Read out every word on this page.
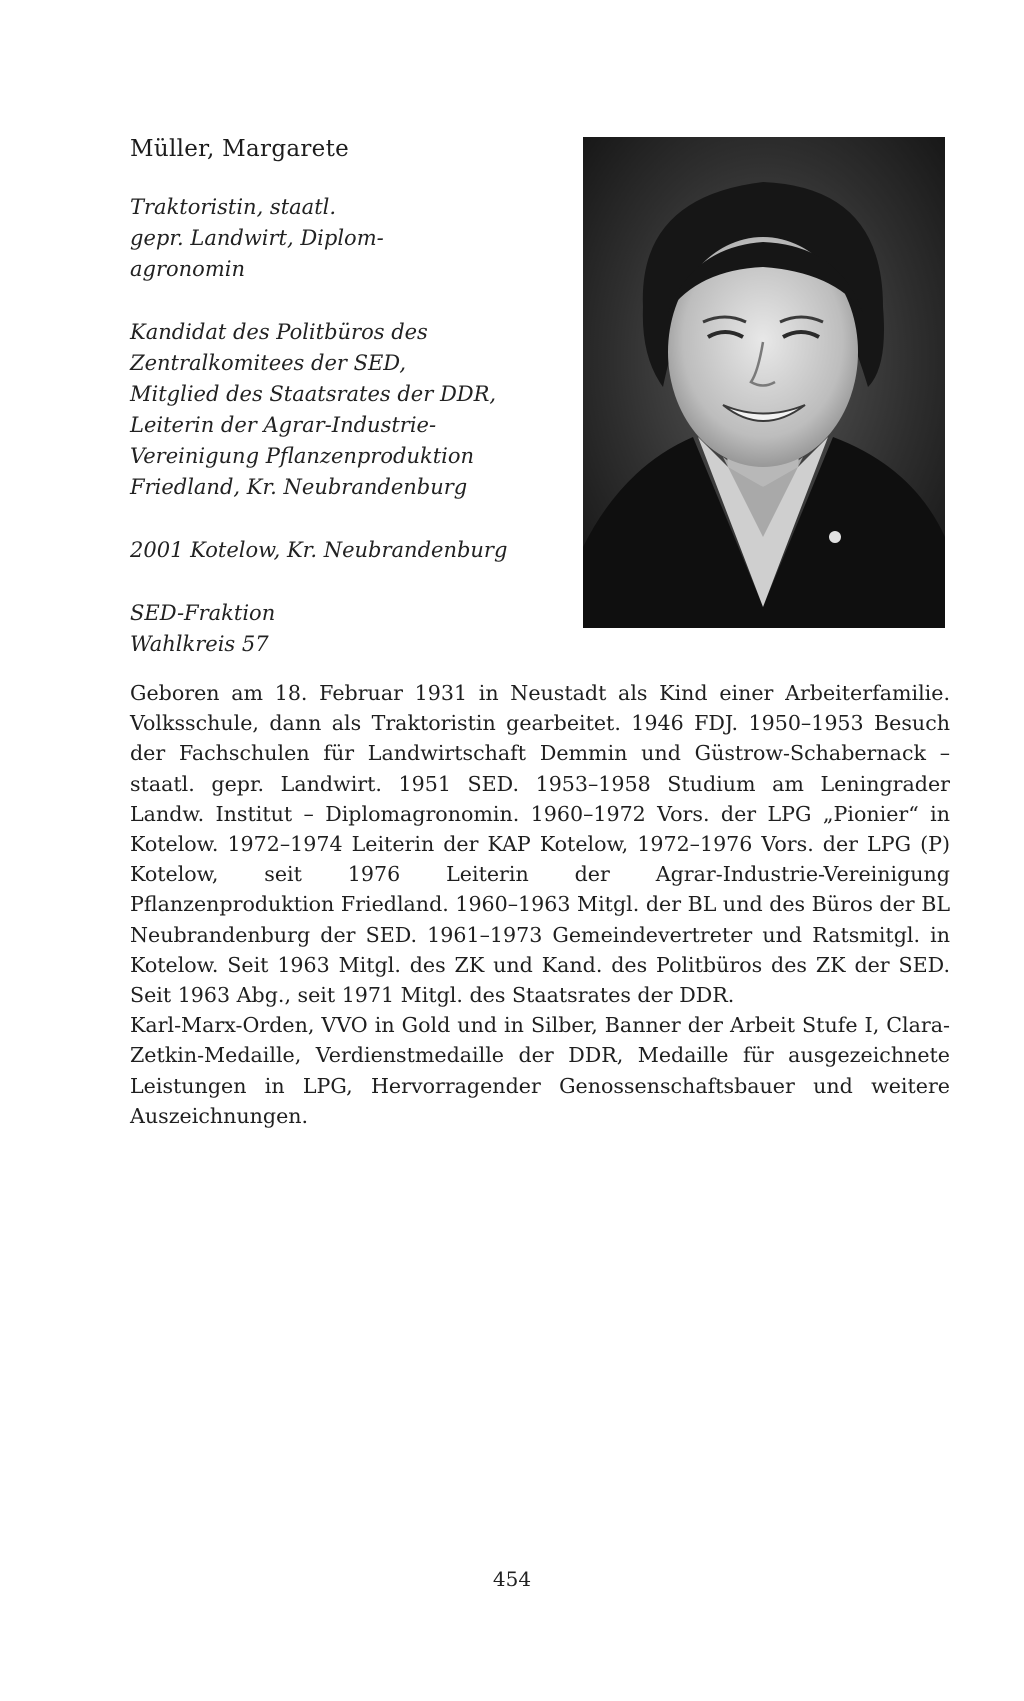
Müller, Margarete

Traktoristin, staatl.

gepr. Landwirt, Diplom-

agronomin

Kandidat des Politbüros des

Zentralkomitees der SED,

Mitglied des Staatsrates der DDR,

Leiterin der Agrar-Industrie-

Vereinigung Pflanzenproduktion

Friedland, Kr. Neubrandenburg

2001 Kotelow, Kr. Neubrandenburg

SED-Fraktion

Wahlkreis 57

Geboren am 18. Februar 1931 in Neustadt als Kind einer Arbeiterfamilie. Volksschule, dann als Traktoristin gearbeitet. 1946 FDJ. 1950–1953 Besuch der Fachschulen für Landwirtschaft Demmin und Güstrow-Schabernack – staatl. gepr. Landwirt. 1951 SED. 1953–1958 Studium am Leningrader Landw. Institut – Diplomagronomin. 1960–1972 Vors. der LPG „Pionier“ in Kotelow. 1972–1974 Leiterin der KAP Kotelow, 1972–1976 Vors. der LPG (P) Kotelow, seit 1976 Leiterin der Agrar-Industrie-Vereinigung Pflanzenproduktion Friedland. 1960–1963 Mitgl. der BL und des Büros der BL Neubrandenburg der SED. 1961–1973 Gemeindevertreter und Ratsmitgl. in Kotelow. Seit 1963 Mitgl. des ZK und Kand. des Politbüros des ZK der SED. Seit 1963 Abg., seit 1971 Mitgl. des Staatsrates der DDR.

Karl-Marx-Orden, VVO in Gold und in Silber, Banner der Arbeit Stufe I, Clara-Zetkin-Medaille, Verdienstmedaille der DDR, Medaille für ausgezeichnete Leistungen in LPG, Hervorragender Genossenschaftsbauer und weitere Auszeichnungen.

454
